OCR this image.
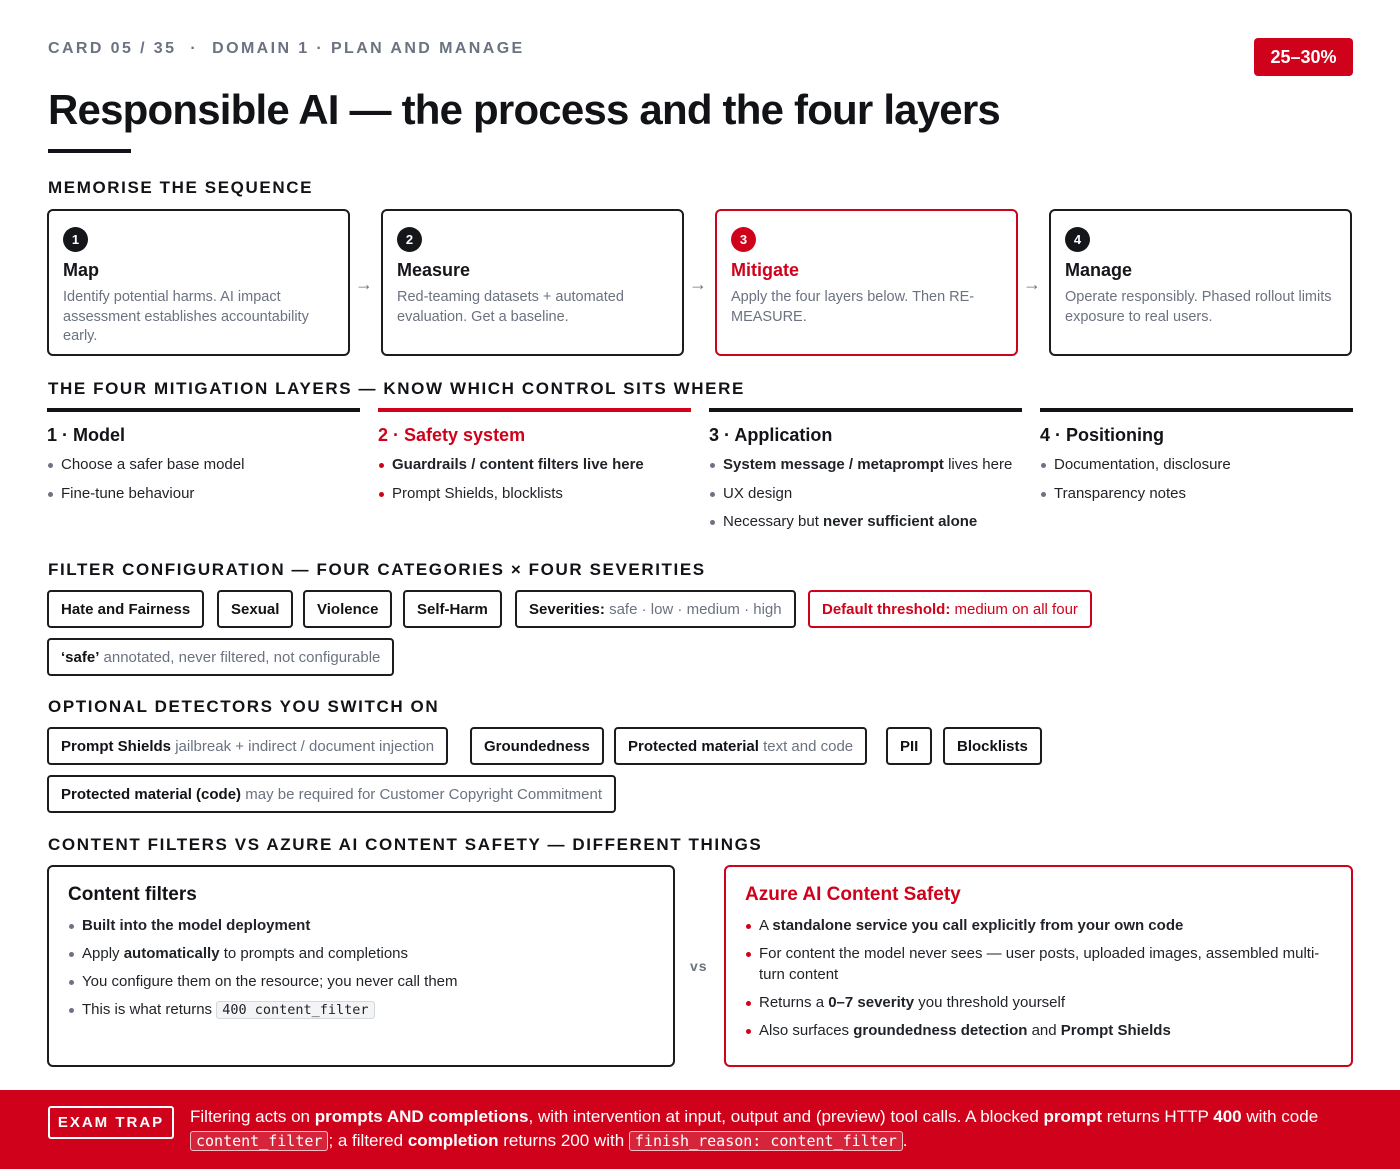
CARD 05 / 35 · DOMAIN 1 · PLAN AND MANAGE	25–30%
Responsible AI — the process and the four layers
MEMORISE THE SEQUENCE
1
Map
Identify potential harms. AI impact assessment establishes accountability early.
→
2
Measure
Red-teaming datasets + automated evaluation. Get a baseline.
→
3
Mitigate
Apply the four layers below. Then RE-MEASURE.
→
4
Manage
Operate responsibly. Phased rollout limits exposure to real users.
THE FOUR MITIGATION LAYERS — KNOW WHICH CONTROL SITS WHERE
1 · Model
Choose a safer base model
Fine-tune behaviour
2 · Safety system
Guardrails / content filters live here
Prompt Shields, blocklists
3 · Application
System message / metaprompt lives here
UX design
Necessary but never sufficient alone
4 · Positioning
Documentation, disclosure
Transparency notes
FILTER CONFIGURATION — FOUR CATEGORIES × FOUR SEVERITIES
Hate and Fairness	Sexual	Violence	Self-Harm	Severities:
safe · low · medium · high	Default threshold:
medium on all four
‘safe’
annotated, never filtered, not configurable
OPTIONAL DETECTORS YOU SWITCH ON
Prompt Shields
jailbreak + indirect / document injection	Groundedness	Protected material
text and code	PII	Blocklists
Protected material (code)
may be required for Customer Copyright Commitment
CONTENT FILTERS VS AZURE AI CONTENT SAFETY — DIFFERENT THINGS
Content filters
Built into the model deployment
Apply automatically to prompts and completions
You configure them on the resource; you never call them
This is what returns 400 content_filter
vs
Azure AI Content Safety
A standalone service you call explicitly from your own code
For content the model never sees — user posts, uploaded images, assembled multi-turn content
Returns a 0–7 severity you threshold yourself
Also surfaces groundedness detection and Prompt Shields
EXAM TRAP	Filtering acts on prompts AND completions, with intervention at input, output and (preview) tool calls. A blocked prompt returns HTTP 400 with code content_filter ; a filtered completion returns 200 with finish_reason: content_filter .
